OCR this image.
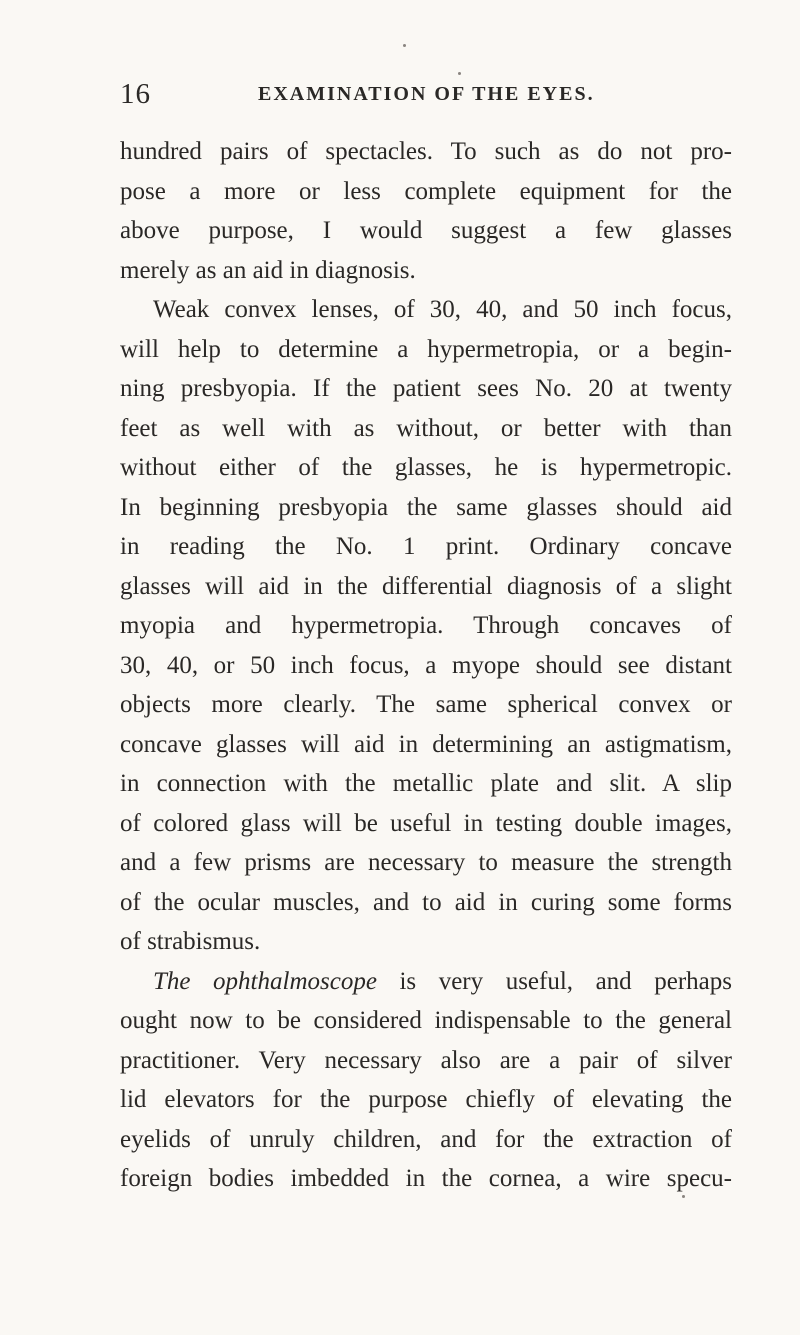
16	EXAMINATION OF THE EYES.
hundred pairs of spectacles. To such as do not pro-
pose a more or less complete equipment for the
above purpose, I would suggest a few glasses
merely as an aid in diagnosis.
Weak convex lenses, of 30, 40, and 50 inch focus,
will help to determine a hypermetropia, or a begin-
ning presbyopia. If the patient sees No. 20 at twenty
feet as well with as without, or better with than
without either of the glasses, he is hypermetropic.
In beginning presbyopia the same glasses should aid
in reading the No. 1 print. Ordinary concave
glasses will aid in the differential diagnosis of a slight
myopia and hypermetropia. Through concaves of
30, 40, or 50 inch focus, a myope should see distant
objects more clearly. The same spherical convex or
concave glasses will aid in determining an astigmatism,
in connection with the metallic plate and slit. A slip
of colored glass will be useful in testing double images,
and a few prisms are necessary to measure the strength
of the ocular muscles, and to aid in curing some forms
of strabismus.
The ophthalmoscope is very useful, and perhaps
ought now to be considered indispensable to the general
practitioner. Very necessary also are a pair of silver
lid elevators for the purpose chiefly of elevating the
eyelids of unruly children, and for the extraction of
foreign bodies imbedded in the cornea, a wire specu-
